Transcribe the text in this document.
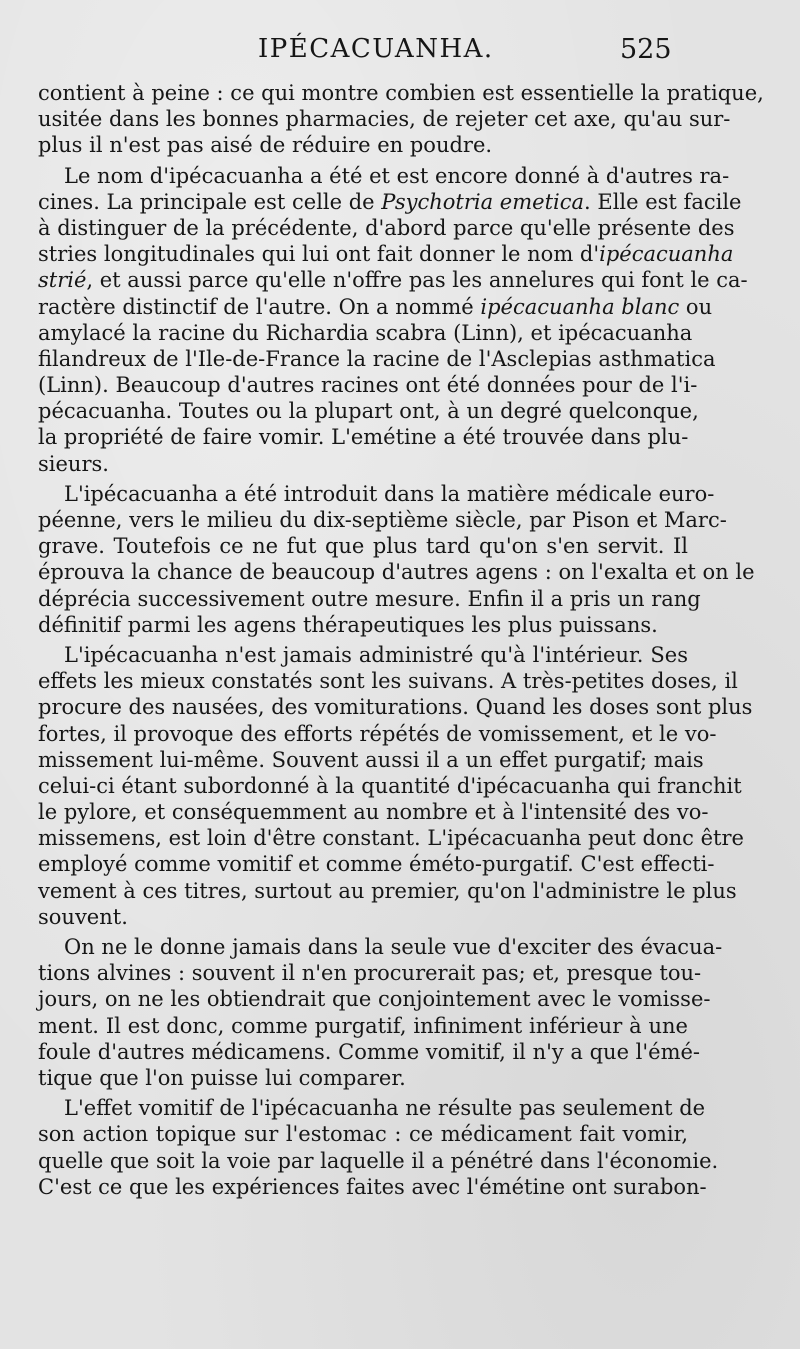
IPÉCACUANHA.	525
contient à peine : ce qui montre combien est essentielle la pratique,
usitée dans les bonnes pharmacies, de rejeter cet axe, qu'au sur-
plus il n'est pas aisé de réduire en poudre.
Le nom d'ipécacuanha a été et est encore donné à d'autres ra-
cines. La principale est celle de Psychotria emetica. Elle est facile
à distinguer de la précédente, d'abord parce qu'elle présente des
stries longitudinales qui lui ont fait donner le nom d'ipécacuanha
strié, et aussi parce qu'elle n'offre pas les annelures qui font le ca-
ractère distinctif de l'autre. On a nommé ipécacuanha blanc ou
amylacé la racine du Richardia scabra (Linn), et ipécacuanha
filandreux de l'Ile-de-France la racine de l'Asclepias asthmatica
(Linn). Beaucoup d'autres racines ont été données pour de l'i-
pécacuanha. Toutes ou la plupart ont, à un degré quelconque,
la propriété de faire vomir. L'emétine a été trouvée dans plu-
sieurs.
L'ipécacuanha a été introduit dans la matière médicale euro-
péenne, vers le milieu du dix-septième siècle, par Pison et Marc-
grave. Toutefois ce ne fut que plus tard qu'on s'en servit. Il
éprouva la chance de beaucoup d'autres agens : on l'exalta et on le
déprécia successivement outre mesure. Enfin il a pris un rang
définitif parmi les agens thérapeutiques les plus puissans.
L'ipécacuanha n'est jamais administré qu'à l'intérieur. Ses
effets les mieux constatés sont les suivans. A très-petites doses, il
procure des nausées, des vomiturations. Quand les doses sont plus
fortes, il provoque des efforts répétés de vomissement, et le vo-
missement lui-même. Souvent aussi il a un effet purgatif; mais
celui-ci étant subordonné à la quantité d'ipécacuanha qui franchit
le pylore, et conséquemment au nombre et à l'intensité des vo-
missemens, est loin d'être constant. L'ipécacuanha peut donc être
employé comme vomitif et comme éméto-purgatif. C'est effecti-
vement à ces titres, surtout au premier, qu'on l'administre le plus
souvent.
On ne le donne jamais dans la seule vue d'exciter des évacua-
tions alvines : souvent il n'en procurerait pas; et, presque tou-
jours, on ne les obtiendrait que conjointement avec le vomisse-
ment. Il est donc, comme purgatif, infiniment inférieur à une
foule d'autres médicamens. Comme vomitif, il n'y a que l'émé-
tique que l'on puisse lui comparer.
L'effet vomitif de l'ipécacuanha ne résulte pas seulement de
son action topique sur l'estomac : ce médicament fait vomir,
quelle que soit la voie par laquelle il a pénétré dans l'économie.
C'est ce que les expériences faites avec l'émétine ont surabon-
